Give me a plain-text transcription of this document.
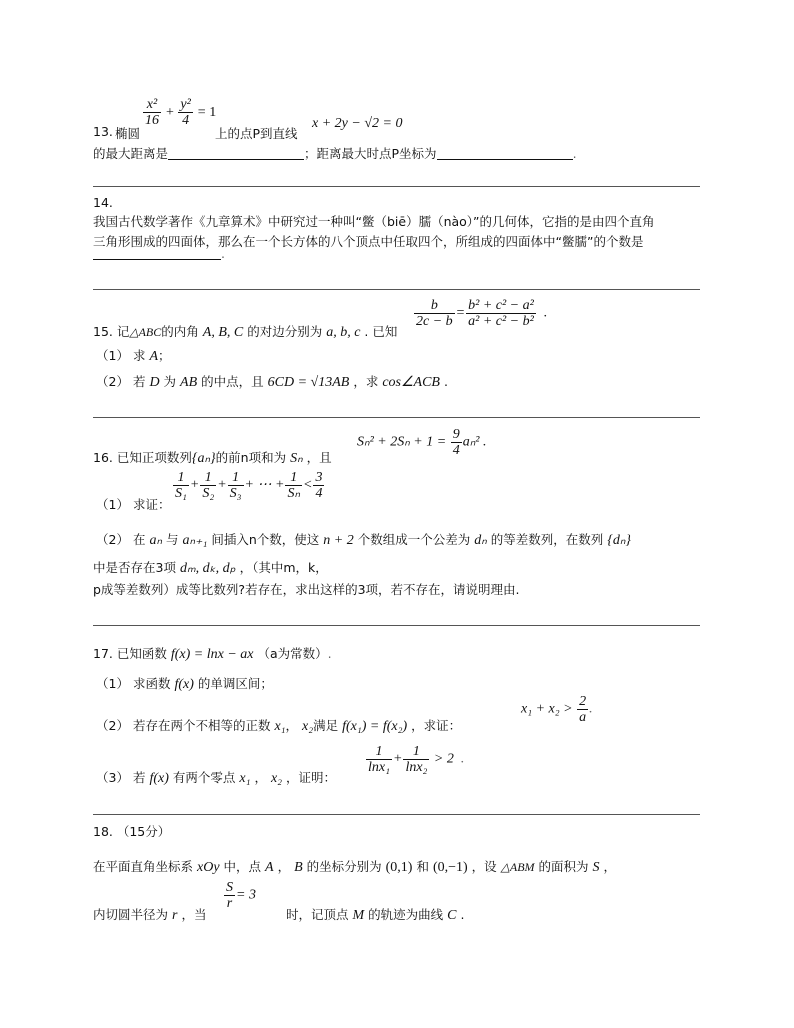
13. 椭圆
$\frac{\text{x²}}{16} + \frac{\text{y²}}{4} = 1$
上的点P到直线
x + 2y − √2 = 0
的最大距离是	；距离最大时点P坐标为	.
14.
我国古代数学著作《九章算术》中研究过一种叫“鳖（biē）臑（nào）”的几何体，它指的是由四个直角
三角形围成的四面体，那么在一个长方体的八个顶点中任取四个，所组成的四面体中“鳖臑”的个数是
.
15. 记△ABC的内角 A, B, C 的对边分别为 a, b, c . 已知
$\frac{b}{2c - b} = \frac{\text{b² + c² − a²}}{\text{a² + c² − b²}}$ .
（1） 求 A；
（2） 若 D 为 AB 的中点，且 6CD = √13AB ，求 cos∠ACB .
16. 已知正项数列{aₙ}的前n项和为 Sₙ ，且
$S_n^2 + 2S_n + 1 = \frac{9}{4} a_n^2$ .
（1） 求证：
$\frac{1}{\text{S₁}} + \frac{1}{\text{S₂}} + \frac{1}{\text{S₃}}$ + ⋯ + $\frac{1}{\text{Sₙ}} < \frac{3}{4}$
（2） 在 aₙ 与 aₙ₊₁ 间插入n个数，使这 n + 2 个数组成一个公差为 dₙ 的等差数列，在数列 {dₙ}
中是否存在3项 dₘ, dₖ, dₚ ，（其中m，k，
p成等差数列）成等比数列?若存在，求出这样的3项，若不存在，请说明理由.
17. 已知函数 f(x) = lnx − ax （a为常数）.
（1） 求函数 f(x) 的单调区间；
（2） 若存在两个不相等的正数 x₁， x₂满足 f(x₁) = f(x₂) ，求证：
$x_1 + x_2 > \frac{2}{a}$ .
（3） 若 f(x) 有两个零点 x₁ ， x₂ ，证明：
$\frac{1}{\text{lnx₁}} + \frac{1}{\text{lnx₂}} > 2$  .
18. （15分）
在平面直角坐标系 xOy 中，点 A ， B 的坐标分别为 (0,1) 和 (0,−1) ，设 △ABM 的面积为 S ，
内切圆半径为 r ，当
$\frac{S}{r} = 3$
时，记顶点 M 的轨迹为曲线 C .
